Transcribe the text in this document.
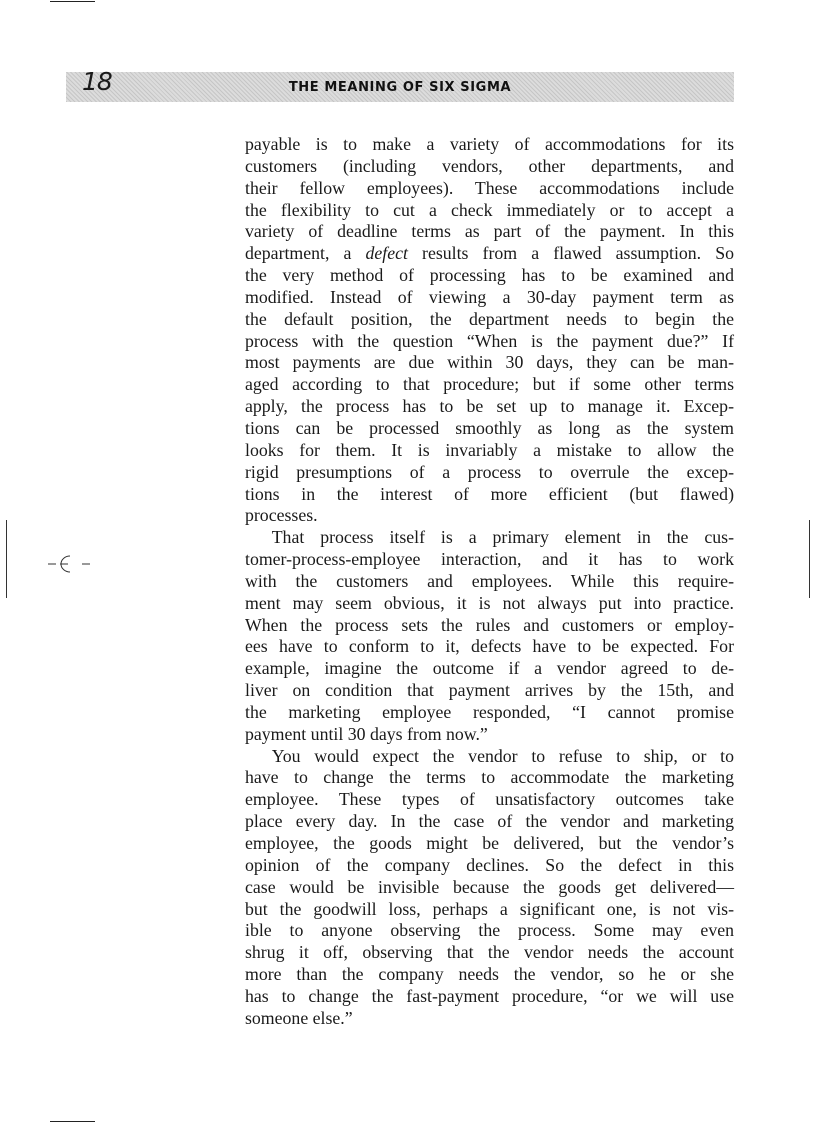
18	THE MEANING OF SIX SIGMA
payable is to make a variety of accommodations for its
customers (including vendors, other departments, and
their fellow employees). These accommodations include
the flexibility to cut a check immediately or to accept a
variety of deadline terms as part of the payment. In this
department, a defect results from a flawed assumption. So
the very method of processing has to be examined and
modified. Instead of viewing a 30-day payment term as
the default position, the department needs to begin the
process with the question “When is the payment due?” If
most payments are due within 30 days, they can be man-
aged according to that procedure; but if some other terms
apply, the process has to be set up to manage it. Excep-
tions can be processed smoothly as long as the system
looks for them. It is invariably a mistake to allow the
rigid presumptions of a process to overrule the excep-
tions in the interest of more efficient (but flawed)
processes.
That process itself is a primary element in the cus-
tomer-process-employee interaction, and it has to work
with the customers and employees. While this require-
ment may seem obvious, it is not always put into practice.
When the process sets the rules and customers or employ-
ees have to conform to it, defects have to be expected. For
example, imagine the outcome if a vendor agreed to de-
liver on condition that payment arrives by the 15th, and
the marketing employee responded, “I cannot promise
payment until 30 days from now.”
You would expect the vendor to refuse to ship, or to
have to change the terms to accommodate the marketing
employee. These types of unsatisfactory outcomes take
place every day. In the case of the vendor and marketing
employee, the goods might be delivered, but the vendor’s
opinion of the company declines. So the defect in this
case would be invisible because the goods get delivered—
but the goodwill loss, perhaps a significant one, is not vis-
ible to anyone observing the process. Some may even
shrug it off, observing that the vendor needs the account
more than the company needs the vendor, so he or she
has to change the fast-payment procedure, “or we will use
someone else.”
